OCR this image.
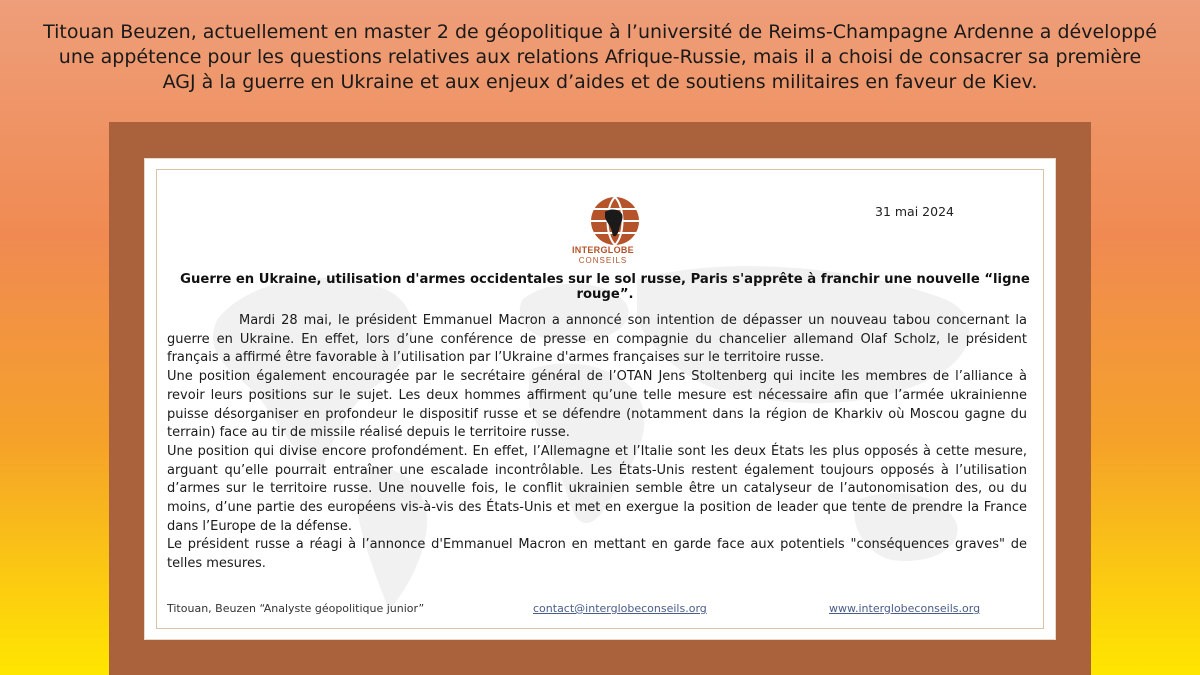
Titouan Beuzen, actuellement en master 2 de géopolitique à l’université de Reims-Champagne Ardenne a développé une appétence pour les questions relatives aux relations Afrique-Russie, mais il a choisi de consacrer sa première AGJ à la guerre en Ukraine et aux enjeux d’aides et de soutiens militaires en faveur de Kiev.
INTERGLOBE
CONSEILS
31 mai 2024
Guerre en Ukraine, utilisation d'armes occidentales sur le sol russe, Paris s'apprête à franchir une nouvelle “ligne rouge”.

Mardi 28 mai, le président Emmanuel Macron a annoncé son intention de dépasser un nouveau tabou concernant la guerre en Ukraine. En effet, lors d’une conférence de presse en compagnie du chancelier allemand Olaf Scholz, le président français a affirmé être favorable à l’utilisation par l’Ukraine d'armes françaises sur le territoire russe.

Une position également encouragée par le secrétaire général de l’OTAN Jens Stoltenberg qui incite les membres de l’alliance à revoir leurs positions sur le sujet. Les deux hommes affirment qu’une telle mesure est nécessaire afin que l’armée ukrainienne puisse désorganiser en profondeur le dispositif russe et se défendre (notamment dans la région de Kharkiv où Moscou gagne du terrain) face au tir de missile réalisé depuis le territoire russe.

Une position qui divise encore profondément. En effet, l’Allemagne et l’Italie sont les deux États les plus opposés à cette mesure, arguant qu’elle pourrait entraîner une escalade incontrôlable. Les États-Unis restent également toujours opposés à l’utilisation d’armes sur le territoire russe. Une nouvelle fois, le conflit ukrainien semble être un catalyseur de l’autonomisation des, ou du moins, d’une partie des européens vis-à-vis des États-Unis et met en exergue la position de leader que tente de prendre la France dans l’Europe de la défense.

Le président russe a réagi à l’annonce d'Emmanuel Macron en mettant en garde face aux potentiels "conséquences graves" de telles mesures.

Titouan, Beuzen “Analyste géopolitique junior”	contact@interglobeconseils.org	www.interglobeconseils.org
